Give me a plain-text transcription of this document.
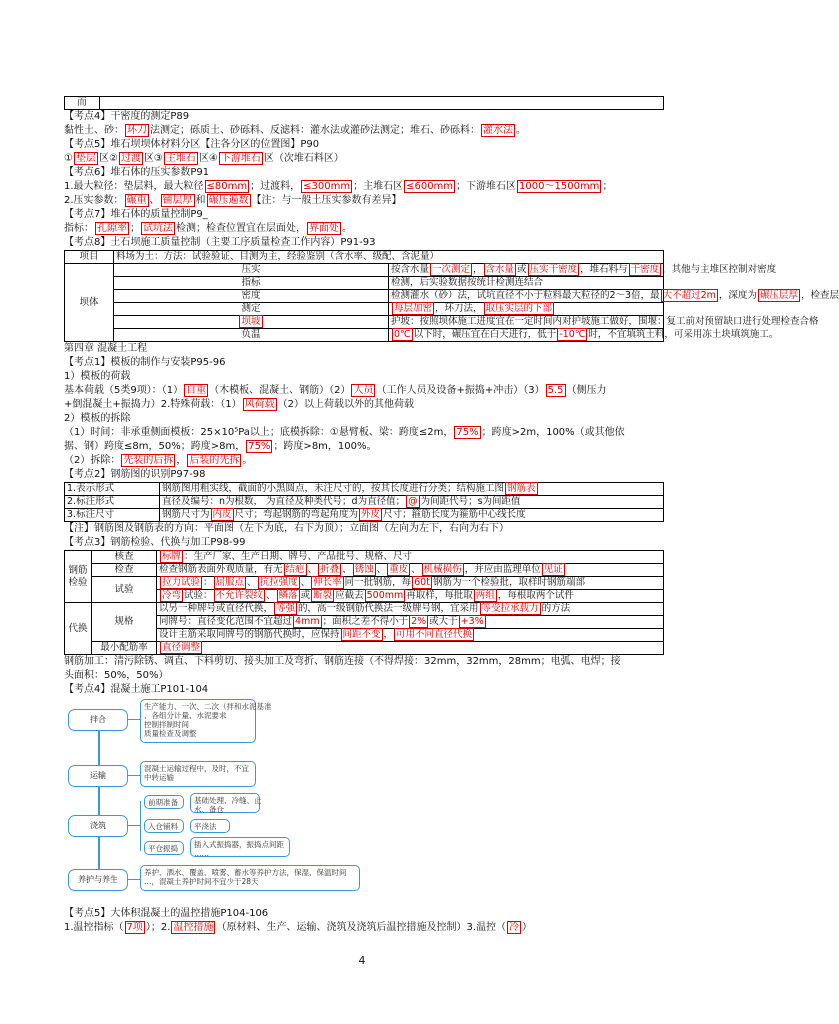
而	
【考点4】干密度的测定P89
黏性土、砂： 环刀 法测定；砾质土、砂砾料、反滤料：灌水法或灌砂法测定；堆石、砂砾料： 灌水法 。
【考点5】堆石坝坝体材料分区【注各分区的位置图】P90
① 垫层 区② 过渡 区③ 主堆石 区④ 下游堆石 区（次堆石料区）
【考点6】堆石体的压实参数P91
1.最大粒径：垫层料，最大粒径 ≤80mm ；过渡料， ≤300mm ；主堆石区 ≤600mm ；下游堆石区 1000～1500mm ；
2.压实参数： 碾重 、 铺层厚 和 碾压遍数 【注：与一般土压实参数有差异】
【考点7】堆石体的质量控制P9_
指标： 孔隙率 ； 试坑法 检测；检查位置宜在层面处， 界面处 。
【考点8】土石坝施工质量控制（主要工序质量检查工作内容）P91-93
项目	料场为土：方法：试验验证、目测为主，经验鉴别（含水率、级配、含泥量）	
坝体	压实	按含水量 一次测定 ， 含水量 或 压实干密度 ，堆石料与 干密度 ，其他与主堆区控制对密度
	指标	检测，后实验数据按统计检测连结合
	密度	检测灌水（砂）法，试坑直径不小于粒料最大粒径的2～3倍，最 大不超过2m ，深度为 碾压层厚 ，检查层
	测定	每层加密 ，环刀法， 取压实层的下部
	坝坡	护坡：按照坝体施工进度宜在一定时间内对护坡施工做好，围堰：复工前对预留缺口进行处理检查合格
	负温	0℃ 以下时，碾压宜在白天进行，低于 -10℃ 时，不宜填筑土料，可采用冻土块填筑施工。
第四章 混凝土工程
【考点1】模板的制作与安装P95-96
1）模板的荷载
基本荷载（5类9项）：（1） 自重 （木模板、混凝土、钢筋）（2） 人员 （工作人员及设备+振捣+冲击）（3） 5.5 （侧压力
+倒混凝土+振捣力）2.特殊荷载：（1） 风荷载 （2）以上荷载以外的其他荷载
2）模板的拆除
（1）时间：非承重侧面模板：25×10⁵Pa以上；底模拆除：①悬臂板、梁：跨度≤2m， 75% ；跨度>2m，100%（或其他依
据、钢）跨度≤8m，50%；跨度>8m， 75% ；跨度>8m，100%。
（2）拆除： 先装的后拆 ， 后装的先拆 。
【考点2】钢筋图的识别P97-98
1.表示形式	钢筋图用粗实线，截面的小黑圆点，未注尺寸的，按其长度进行分类；结构施工图 钢筋表
2.标注形式	直径及编号：n为根数， 为直径及种类代号；d为直径值； @ 为间距代号；s为间距值
3.标注尺寸	钢筋尺寸为 内皮 尺寸；弯起钢筋的弯起角度为 外皮 尺寸；箍筋长度为箍筋中心线长度
【注】钢筋图及钢筋表的方向：平面图（左下为底，右下为顶）；立面图（左向为左下，右向为右下）
【考点3】钢筋检验、代换与加工P98-99
钢筋检验	核查	标牌 ：生产厂家、生产日期、牌号、产品批号、规格、尺寸
	检查	检查钢筋表面外观质量，有无 结疤 、 折叠 、 锈蚀 、 重皮 、 机械损伤 ，并应由监理单位 见证
	试验	拉力试验 ： 屈服点 、 抗拉强度 、 伸长率 同一批钢筋，每 60t 钢筋为一个检验批，取样时钢筋端部
		冷弯 试验： 不允许裂纹 、 鳞落 或 断裂 应截去 500mm 再取样，每批取 两组 ，每根取两个试件
代换	规格	以另一种牌号或直径代换， 等强 的，高一级钢筋代换法一级牌号钢，宜采用 等受拉承载力 的方法
		同牌号：直径变化范围不宜超过 4mm ；面积之差不得小于 2% 或大于 +3%
		设计主筋采取同牌号的钢筋代换时，应保持 间距不变 ， 可用不同直径代换
	最小配筋率	直径调整
钢筋加工：清污除锈、调直、下料剪切、接头加工及弯折、钢筋连接（不得焊接：32mm，32mm，28mm；电弧、电焊；接
头面积：50%，50%）
【考点4】混凝土施工P101-104
拌合
生产能力、一次、二次（拌和水泥基准
、各组分计量、水泥要求
控制拌制时间
质量检查及调整
运输
混凝土运输过程中，及时，不宜
中转运输
浇筑
前期准备	基础处理、冷缝、止
水、备仓
入仓铺料	平浇法
平仓振捣	插入式振捣器，振捣点间距
……
养护与养生
养护、洒水、覆盖、喷雾、蓄水等养护方法，保湿、保温时间
…，混凝土养护时间不宜少于28天
【考点5】大体积混凝土的温控措施P104-106
1.温控指标（ 7项 ）；2. 温控措施 （原材料、生产、运输、浇筑及浇筑后温控措施及控制）3.温控（ 冷 ）
4
